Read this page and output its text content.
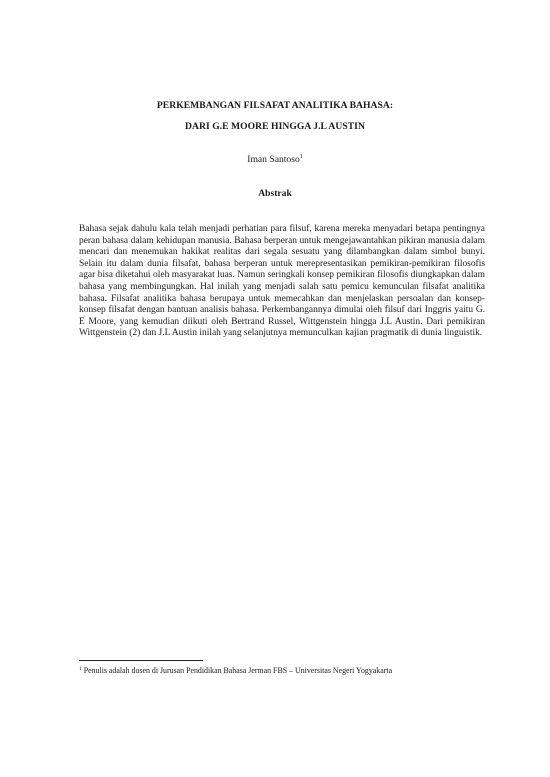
PERKEMBANGAN FILSAFAT ANALITIKA BAHASA:
DARI G.E MOORE HINGGA J.L AUSTIN
Iman Santoso$^1$
Abstrak
Bahasa sejak dahulu kala telah menjadi perhatian para filsuf, karena mereka menyadari betapa pentingnya peran bahasa dalam kehidupan manusia. Bahasa berperan untuk mengejawantahkan pikiran manusia dalam mencari dan menemukan hakikat realitas dari segala sesuatu yang dilambangkan dalam simbol bunyi. Selain itu dalam dunia filsafat, bahasa berperan untuk merepresentasikan pemikiran-pemikiran filosofis agar bisa diketahui oleh masyarakat luas. Namun seringkali konsep pemikiran filosofis diungkapkan dalam bahasa yang membingungkan. Hal inilah yang menjadi salah satu pemicu kemunculan filsafat analitika bahasa. Filsafat analitika bahasa berupaya untuk memecahkan dan menjelaskan persoalan dan konsep-konsep filsafat dengan bantuan analisis bahasa. Perkembangannya dimulai oleh filsuf dari Inggris yaitu G. E Moore, yang kemudian diikuti oleh Bertrand Russel, Wittgenstein hingga J.L Austin. Dari pemikiran Wittgenstein (2) dan J.L Austin inilah yang selanjutnya memunculkan kajian pragmatik di dunia linguistik.
$^1$ Penulis adalah dosen di Jurusan Pendidikan Bahasa Jerman FBS – Universitas Negeri Yogyakarta
